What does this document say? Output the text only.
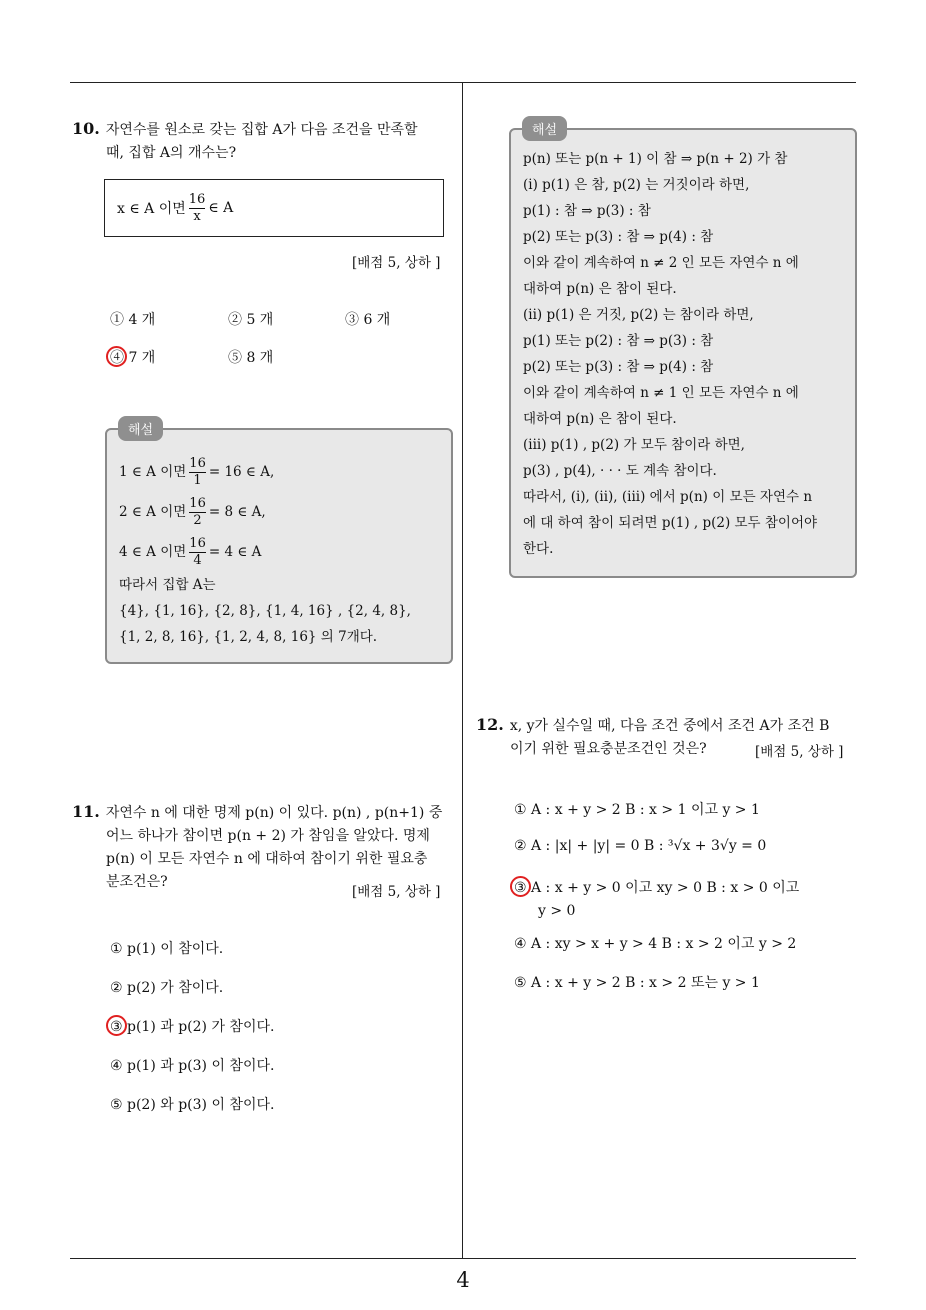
10. 자연수를 원소로 갖는 집합 A가 다음 조건을 만족할
때, 집합 A의 개수는?
x ∈ A 이면 $\frac{16}{x}$ ∈ A
[배점 5, 상하 ]
① 4 개	② 5 개	③ 6 개
④ 7 개	⑤ 8 개
1 ∈ A 이면 $\frac{16}{1} = 16$ ∈ A,
2 ∈ A 이면 $\frac{16}{2} = 8$ ∈ A,
4 ∈ A 이면 $\frac{16}{4} = 4$ ∈ A
따라서 집합 A는
{4}, {1, 16}, {2, 8}, {1, 4, 16} , {2, 4, 8},
{1, 2, 8, 16}, {1, 2, 4, 8, 16} 의 7개다.
해설
11. 자연수 n 에 대한 명제 p(n) 이 있다. p(n) , p(n+1) 중
어느 하나가 참이면 p(n + 2) 가 참임을 알았다. 명제
p(n) 이 모든 자연수 n 에 대하여 참이기 위한 필요충
분조건은?
[배점 5, 상하 ]
① p(1) 이 참이다.
② p(2) 가 참이다.
③ p(1) 과 p(2) 가 참이다.
④ p(1) 과 p(3) 이 참이다.
⑤ p(2) 와 p(3) 이 참이다.
p(n) 또는 p(n + 1) 이 참 ⇒ p(n + 2) 가 참
(i) p(1) 은 참, p(2) 는 거짓이라 하면,
p(1) : 참 ⇒ p(3) : 참
p(2) 또는 p(3) : 참 ⇒ p(4) : 참
이와 같이 계속하여 n ≠ 2 인 모든 자연수 n 에
대하여 p(n) 은 참이 된다.
(ii) p(1) 은 거짓, p(2) 는 참이라 하면,
p(1) 또는 p(2) : 참 ⇒ p(3) : 참
p(2) 또는 p(3) : 참 ⇒ p(4) : 참
이와 같이 계속하여 n ≠ 1 인 모든 자연수 n 에
대하여 p(n) 은 참이 된다.
(iii) p(1) , p(2) 가 모두 참이라 하면,
p(3) , p(4), · · · 도 계속 참이다.
따라서, (i), (ii), (iii) 에서 p(n) 이 모든 자연수 n
에 대 하여 참이 되려면 p(1) , p(2) 모두 참이어야
한다.
해설
12. x, y가 실수일 때, 다음 조건 중에서 조건 A가 조건 B
이기 위한 필요충분조건인 것은?	[배점 5, 상하 ]
① A : x + y > 2 B : x > 1 이고 y > 1
② A : |x| + |y| = 0 B : ³√x + 3√y = 0
③ A : x + y > 0 이고 xy > 0 B : x > 0 이고
y > 0
④ A : xy > x + y > 4 B : x > 2 이고 y > 2
⑤ A : x + y > 2 B : x > 2 또는 y > 1
4
